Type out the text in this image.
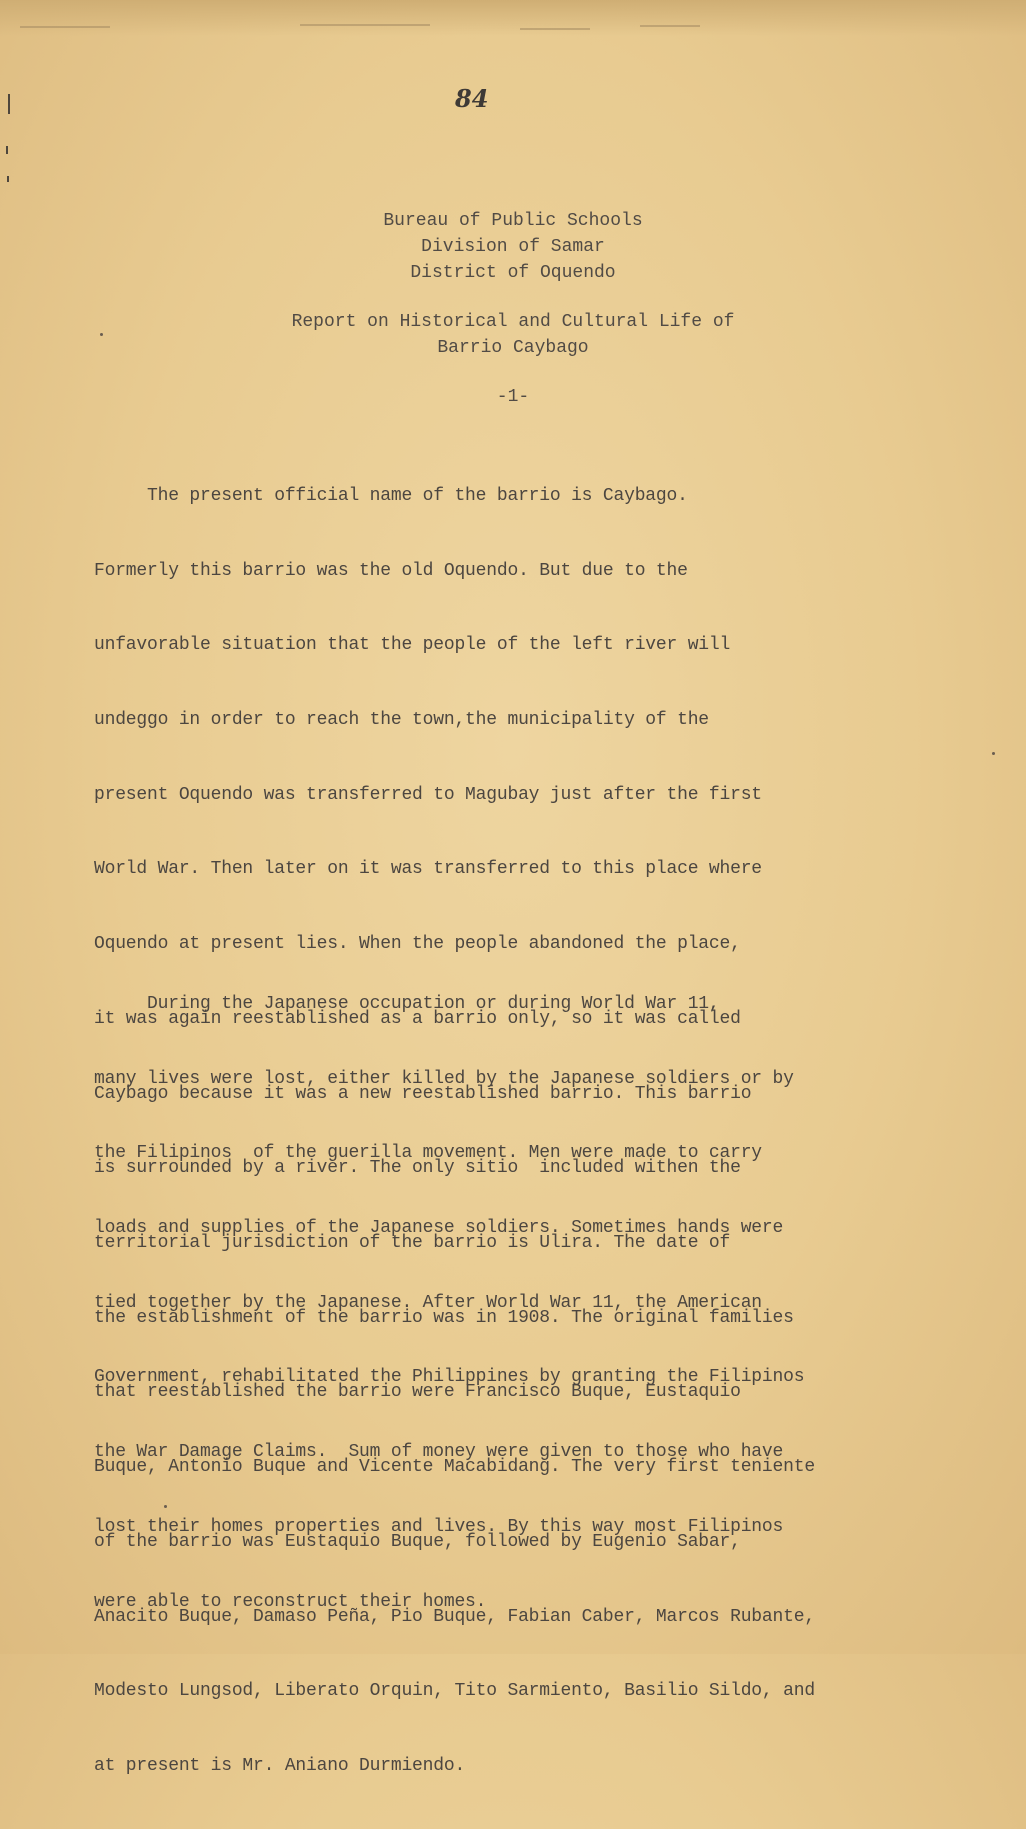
84
Bureau of Public Schools
Division of Samar
District of Oquendo
Report on Historical and Cultural Life of
Barrio Caybago
-1-

The present official name of the barrio is Caybago.

Formerly this barrio was the old Oquendo. But due to the

unfavorable situation that the people of the left river will

undeggo in order to reach the town,the municipality of the

present Oquendo was transferred to Magubay just after the first

World War. Then later on it was transferred to this place where

Oquendo at present lies. When the people abandoned the place,

it was again reestablished as a barrio only, so it was called

Caybago because it was a new reestablished barrio. This barrio

is surrounded by a river. The only sitio  included withen the

territorial jurisdiction of the barrio is Ulira. The date of

the establishment of the barrio was in 1908. The original families

that reestablished the barrio were Francisco Buque, Eustaquio

Buque, Antonio Buque and Vicente Macabidang. The very first teniente

of the barrio was Eustaquio Buque, followed by Eugenio Sabar,

Anacito Buque, Damaso Peña, Pio Buque, Fabian Caber, Marcos Rubante,

Modesto Lungsod, Liberato Orquin, Tito Sarmiento, Basilio Sildo, and

at present is Mr. Aniano Durmiendo.

During the Japanese occupation or during World War 11,

many lives were lost, either killed by the Japanese soldiers or by

the Filipinos  of the guerilla movement. Men were made to carry

loads and supplies of the Japanese soldiers. Sometimes hands were

tied together by the Japanese. After World War 11, the American

Government, rehabilitated the Philippines by granting the Filipinos

the War Damage Claims.  Sum of money were given to those who have

lost their homes properties and lives. By this way most Filipinos

were able to reconstruct their homes.
